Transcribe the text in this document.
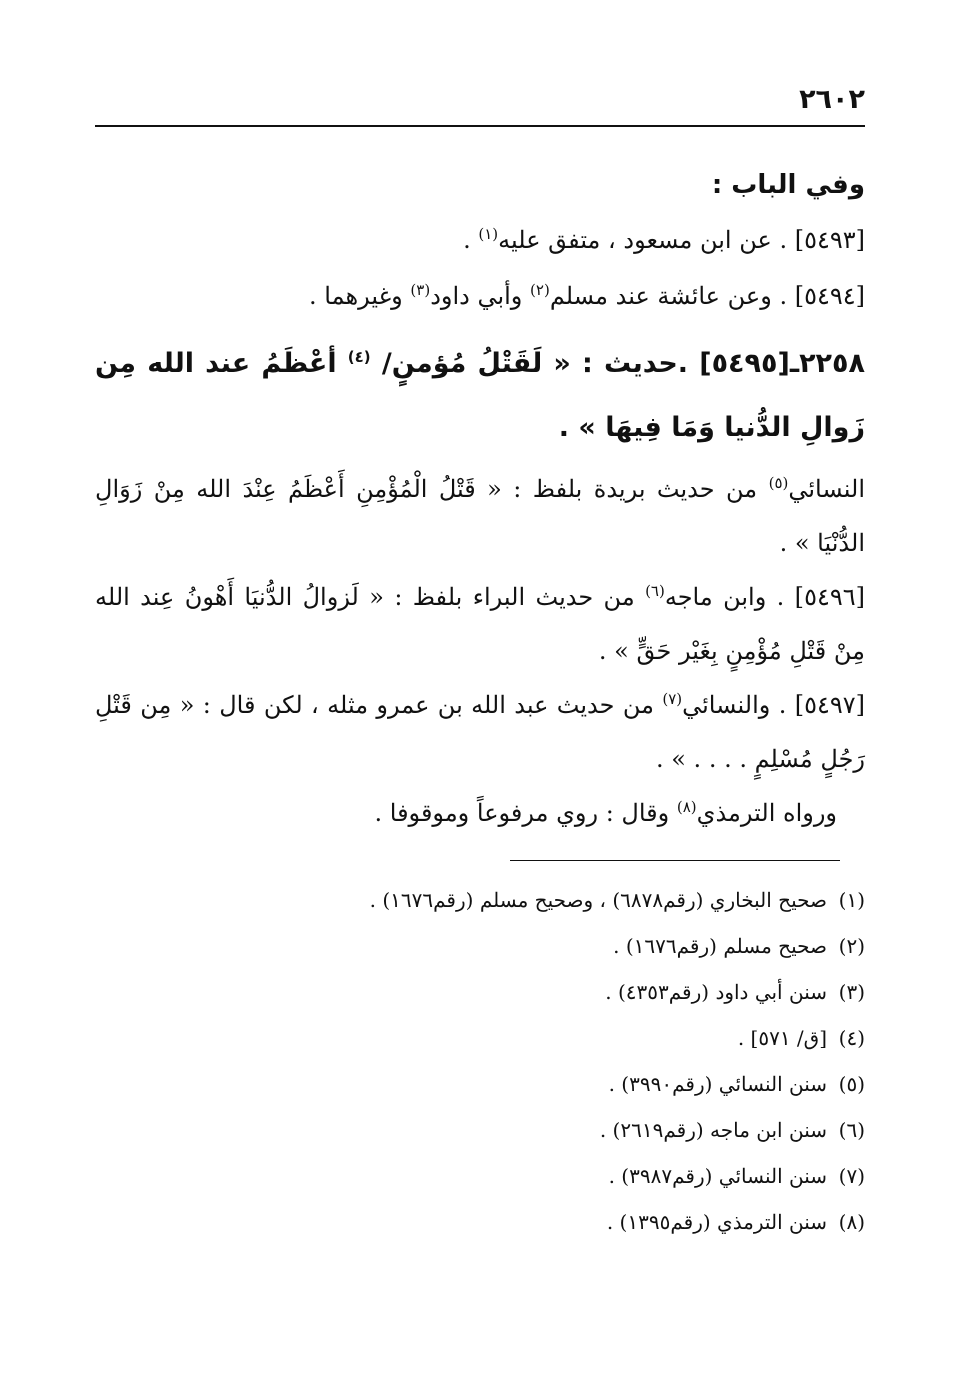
٢٦٠٢
وفي الباب :

[٥٤٩٣] . عن ابن مسعود ، متفق عليه$^{(١)}$ .

[٥٤٩٤] . وعن عائشة عند مسلم$^{(٢)}$ وأبي داود$^{(٣)}$ وغيرهما .

٢٢٥٨ـ[٥٤٩٥] .حديث : « لَقَتْلُ مُؤمنٍ/ $^{(٤)}$ أعْظَمُ عند الله مِن زَوالِ الدُّنيا وَمَا فِيهَا » .

النسائي$^{(٥)}$ من حديث بريدة بلفظ : « قَتْلُ الْمُؤْمِنِ أَعْظَمُ عِنْدَ الله مِنْ زَوَالِ الدُّنْيَا » .

[٥٤٩٦] . وابن ماجه$^{(٦)}$ من حديث البراء بلفظ : « لَزوالُ الدُّنيَا أَهْونُ عِند الله مِنْ قَتْلِ مُؤْمِنٍ بِغَيْر حَقٍّ » .

[٥٤٩٧] . والنسائي$^{(٧)}$ من حديث عبد الله بن عمرو مثله ، لكن قال : « مِن قَتْلِ رَجُلٍ مُسْلِمٍ . . . . » .

ورواه الترمذي$^{(٨)}$ وقال : روي مرفوعاً وموقوفا .

(١)صحيح البخاري (رقم٦٨٧٨) ، وصحيح مسلم (رقم١٦٧٦) .
(٢)صحيح مسلم (رقم١٦٧٦) .
(٣)سنن أبي داود (رقم٤٣٥٣) .
(٤)[ق/ ٥٧١] .
(٥)سنن النسائي (رقم٣٩٩٠) .
(٦)سنن ابن ماجه (رقم٢٦١٩) .
(٧)سنن النسائي (رقم٣٩٨٧) .
(٨)سنن الترمذي (رقم١٣٩٥) .
